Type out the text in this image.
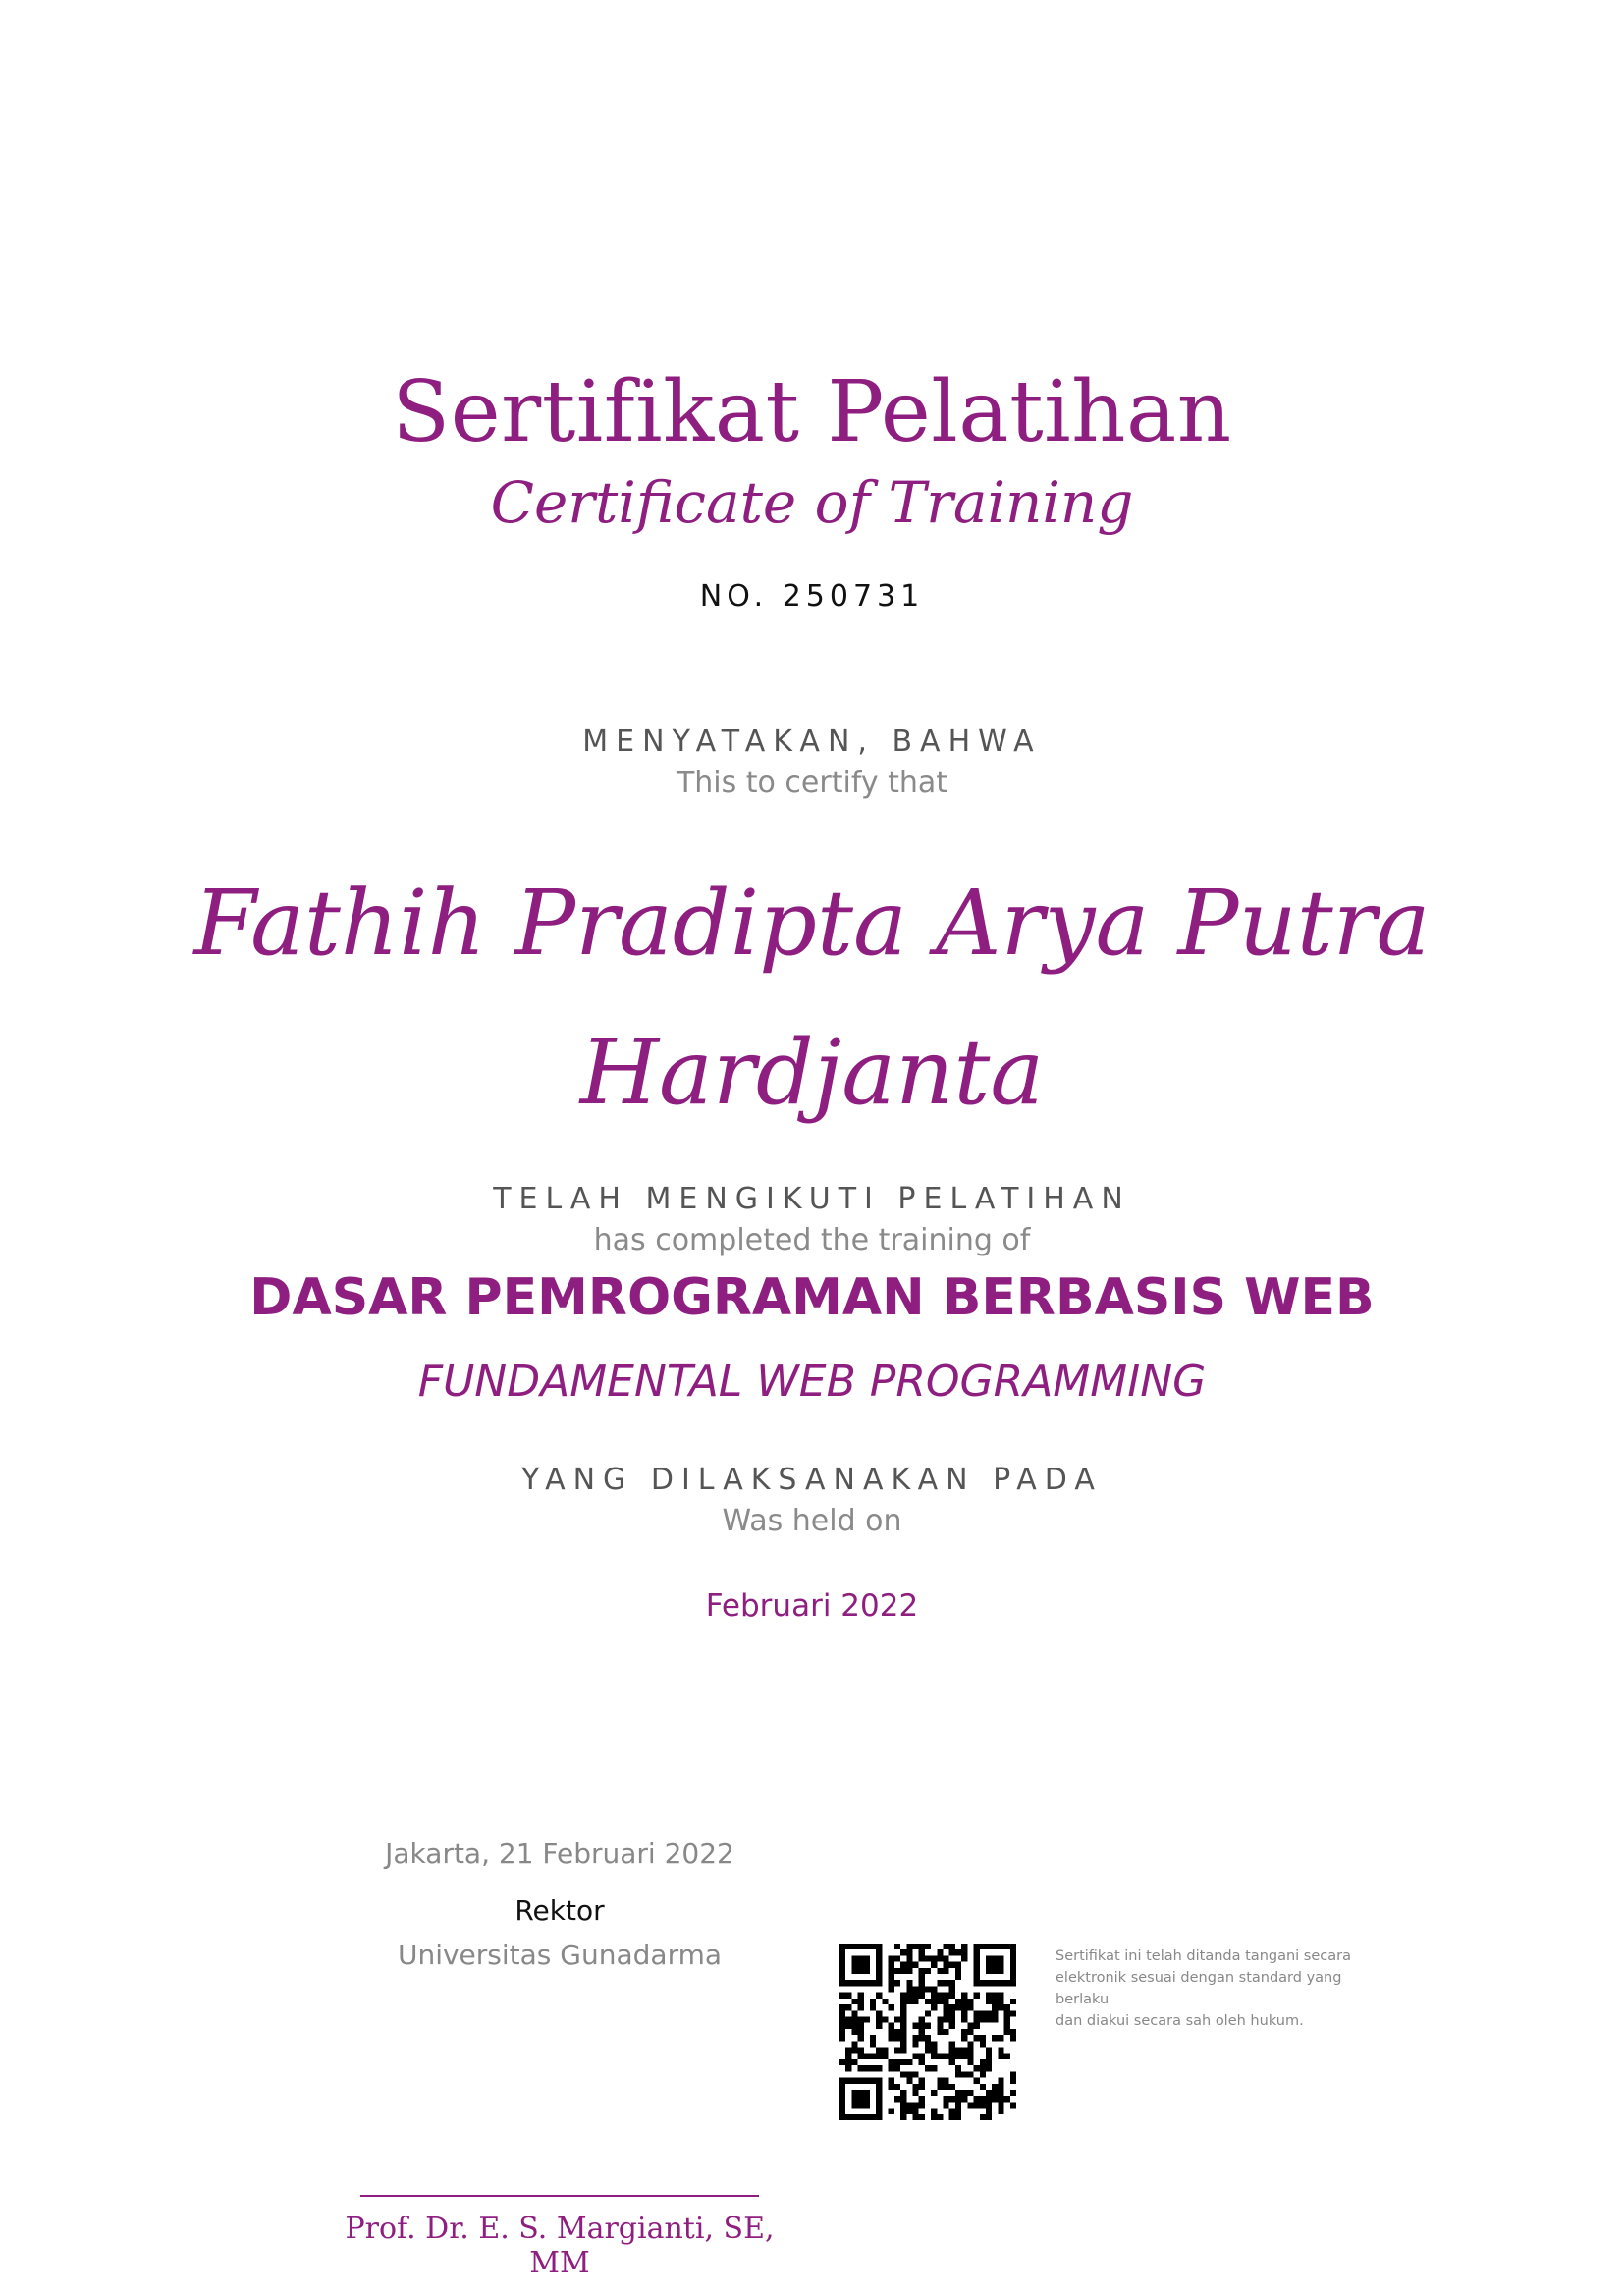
Sertifikat Pelatihan
Certificate of Training
NO. 250731
MENYATAKAN, BAHWA
This to certify that
Fathih Pradipta Arya Putra Hardjanta
TELAH MENGIKUTI PELATIHAN
has completed the training of
DASAR PEMROGRAMAN BERBASIS WEB
FUNDAMENTAL WEB PROGRAMMING
YANG DILAKSANAKAN PADA
Was held on
Februari 2022
Jakarta, 21 Februari 2022
Rektor
Universitas Gunadarma	Sertifikat ini telah ditanda tangani secara
elektronik sesuai dengan standard yang
berlaku
dan diakui secara sah oleh hukum.
Prof. Dr. E. S. Margianti, SE, MM
